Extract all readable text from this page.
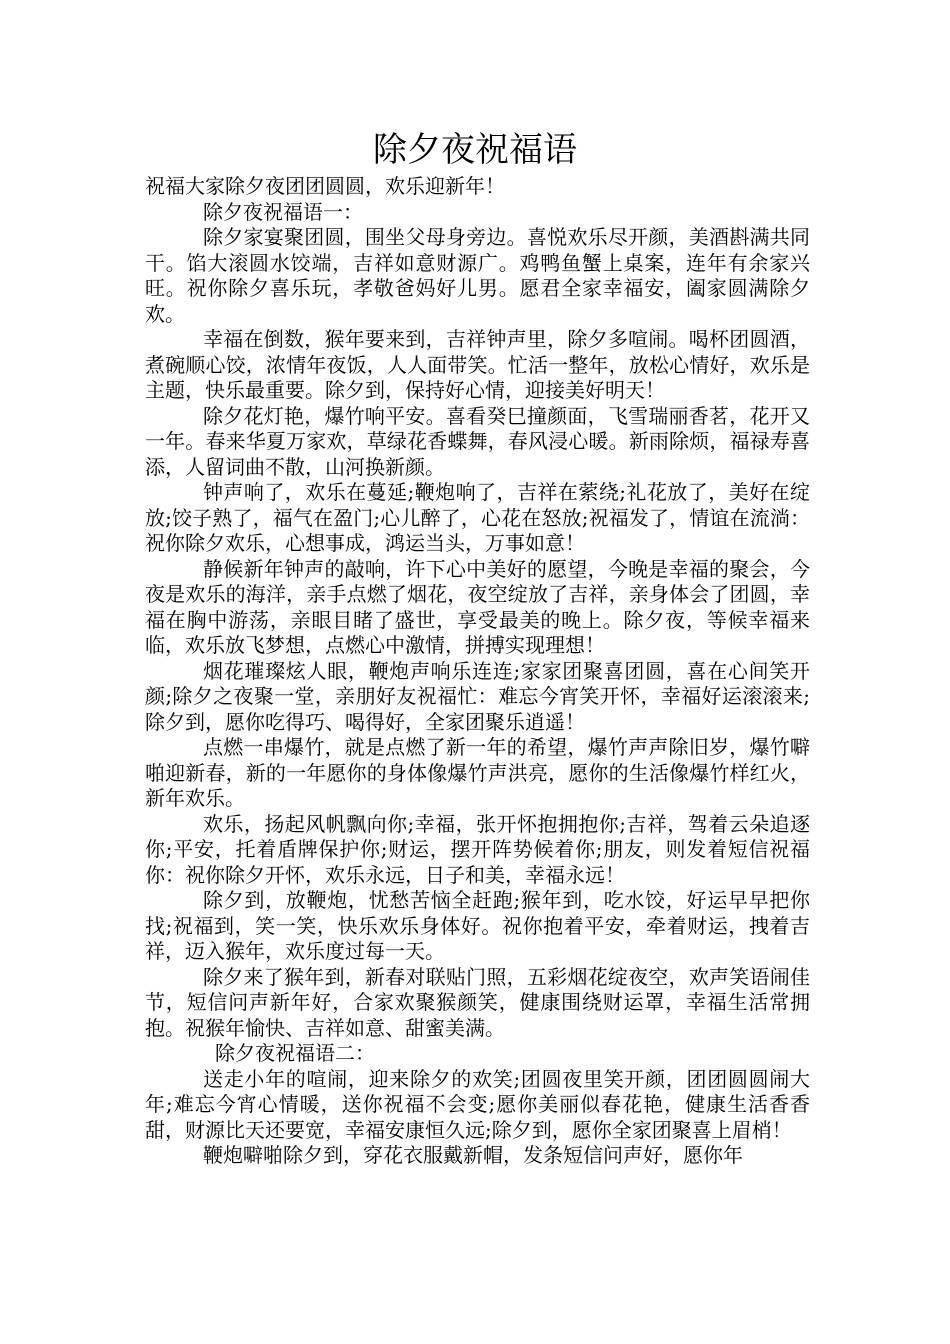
除夕夜祝福语

祝福大家除夕夜团团圆圆，欢乐迎新年！

除夕夜祝福语一：

除夕家宴聚团圆，围坐父母身旁边。喜悦欢乐尽开颜，美酒斟满共同干。馅大滚圆水饺端，吉祥如意财源广。鸡鸭鱼蟹上桌案，连年有余家兴旺。祝你除夕喜乐玩，孝敬爸妈好儿男。愿君全家幸福安，阖家圆满除夕欢。

幸福在倒数，猴年要来到，吉祥钟声里，除夕多喧闹。喝杯团圆酒，煮碗顺心饺，浓情年夜饭，人人面带笑。忙活一整年，放松心情好，欢乐是主题，快乐最重要。除夕到，保持好心情，迎接美好明天！

除夕花灯艳，爆竹响平安。喜看癸巳撞颜面，飞雪瑞丽香茗，花开又一年。春来华夏万家欢，草绿花香蝶舞，春风浸心暖。新雨除烦，福禄寿喜添，人留词曲不散，山河换新颜。

钟声响了，欢乐在蔓延;鞭炮响了，吉祥在萦绕;礼花放了，美好在绽放;饺子熟了，福气在盈门;心儿醉了，心花在怒放;祝福发了，情谊在流淌：祝你除夕欢乐，心想事成，鸿运当头，万事如意！

静候新年钟声的敲响，许下心中美好的愿望，今晚是幸福的聚会，今夜是欢乐的海洋，亲手点燃了烟花，夜空绽放了吉祥，亲身体会了团圆，幸福在胸中游荡，亲眼目睹了盛世，享受最美的晚上。除夕夜，等候幸福来临，欢乐放飞梦想，点燃心中激情，拼搏实现理想！

烟花璀璨炫人眼，鞭炮声响乐连连;家家团聚喜团圆，喜在心间笑开颜;除夕之夜聚一堂，亲朋好友祝福忙：难忘今宵笑开怀，幸福好运滚滚来;除夕到，愿你吃得巧、喝得好，全家团聚乐逍遥！

点燃一串爆竹，就是点燃了新一年的希望，爆竹声声除旧岁，爆竹噼啪迎新春，新的一年愿你的身体像爆竹声洪亮，愿你的生活像爆竹样红火，新年欢乐。

欢乐，扬起风帆飘向你;幸福，张开怀抱拥抱你;吉祥，驾着云朵追逐你;平安，托着盾牌保护你;财运，摆开阵势候着你;朋友，则发着短信祝福你：祝你除夕开怀，欢乐永远，日子和美，幸福永远！

除夕到，放鞭炮，忧愁苦恼全赶跑;猴年到，吃水饺，好运早早把你找;祝福到，笑一笑，快乐欢乐身体好。祝你抱着平安，牵着财运，拽着吉祥，迈入猴年，欢乐度过每一天。

除夕来了猴年到，新春对联贴门照，五彩烟花绽夜空，欢声笑语闹佳节，短信问声新年好，合家欢聚猴颜笑，健康围绕财运罩，幸福生活常拥抱。祝猴年愉快、吉祥如意、甜蜜美满。

除夕夜祝福语二：

送走小年的喧闹，迎来除夕的欢笑;团圆夜里笑开颜，团团圆圆闹大年;难忘今宵心情暖，送你祝福不会变;愿你美丽似春花艳，健康生活香香甜，财源比天还要宽，幸福安康恒久远;除夕到，愿你全家团聚喜上眉梢！

鞭炮噼啪除夕到，穿花衣服戴新帽，发条短信问声好，愿你年
